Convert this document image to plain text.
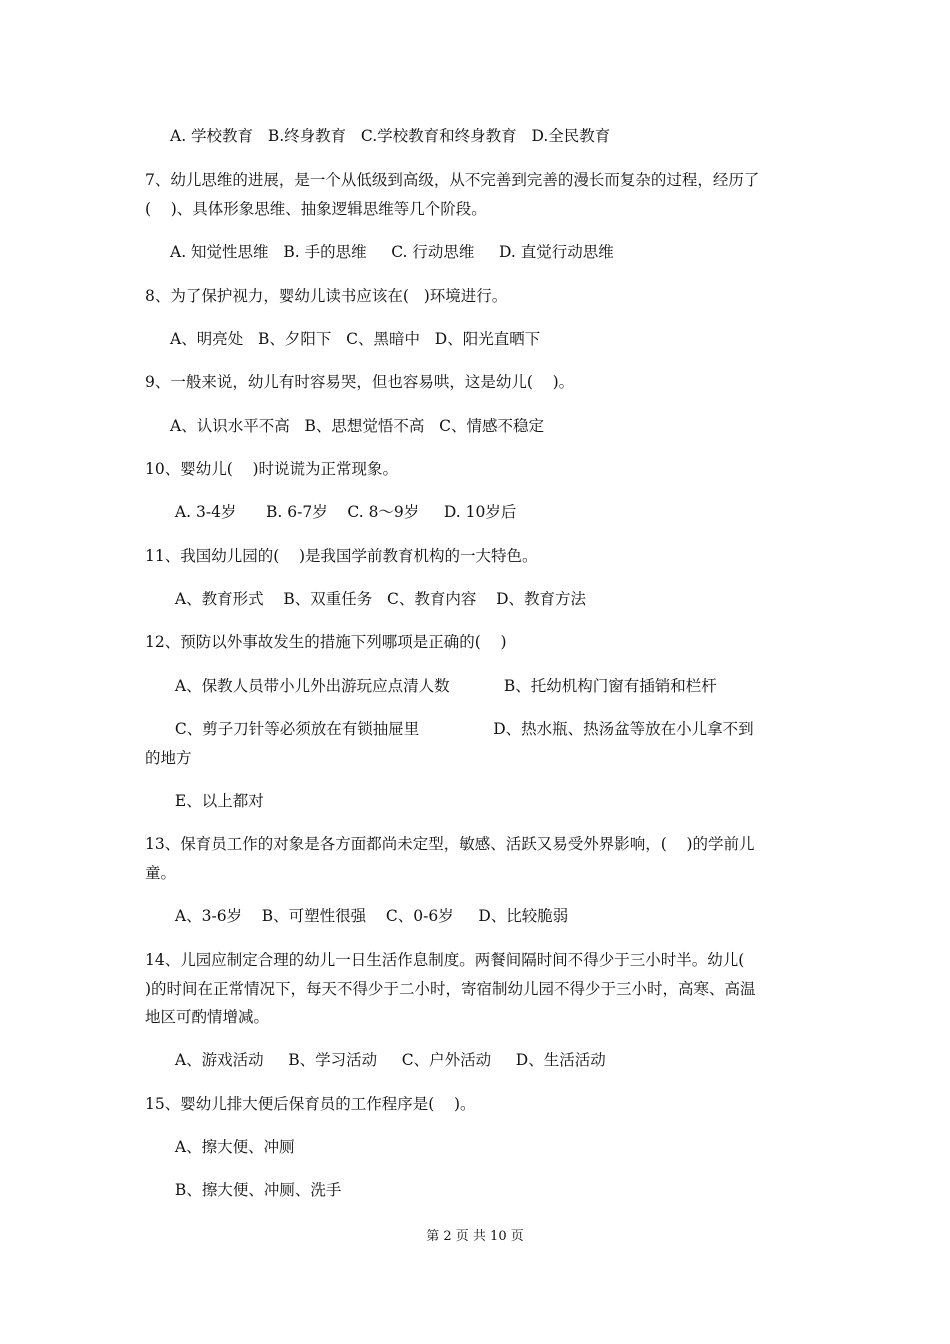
A. 学校教育   B.终身教育   C.学校教育和终身教育   D.全民教育
7、幼儿思维的进展，是一个从低级到高级，从不完善到完善的漫长而复杂的过程，经历了
(    )、具体形象思维、抽象逻辑思维等几个阶段。
A. 知觉性思维   B. 手的思维     C. 行动思维     D. 直觉行动思维
8、为了保护视力，婴幼儿读书应该在(   )环境进行。
A、明亮处   B、夕阳下   C、黑暗中   D、阳光直晒下
9、一般来说，幼儿有时容易哭，但也容易哄，这是幼儿(    )。
A、认识水平不高   B、思想觉悟不高   C、情感不稳定
10、婴幼儿(    )时说谎为正常现象。
A. 3-4岁      B. 6-7岁    C. 8～9岁     D. 10岁后
11、我国幼儿园的(    )是我国学前教育机构的一大特色。
A、教育形式    B、双重任务   C、教育内容    D、教育方法
12、预防以外事故发生的措施下列哪项是正确的(    )
A、保教人员带小儿外出游玩应点清人数           B、托幼机构门窗有插销和栏杆
C、剪子刀针等必须放在有锁抽屉里               D、热水瓶、热汤盆等放在小儿拿不到
的地方
E、以上都对
13、保育员工作的对象是各方面都尚未定型，敏感、活跃又易受外界影响，(    )的学前儿
童。
A、3-6岁    B、可塑性很强    C、0-6岁     D、比较脆弱
14、儿园应制定合理的幼儿一日生活作息制度。两餐间隔时间不得少于三小时半。幼儿(
)的时间在正常情况下，每天不得少于二小时，寄宿制幼儿园不得少于三小时，高寒、高温
地区可酌情增减。
A、游戏活动     B、学习活动     C、户外活动     D、生活活动
15、婴幼儿排大便后保育员的工作程序是(    )。
A、擦大便、冲厕
B、擦大便、冲厕、洗手
第 2 页 共 10 页
